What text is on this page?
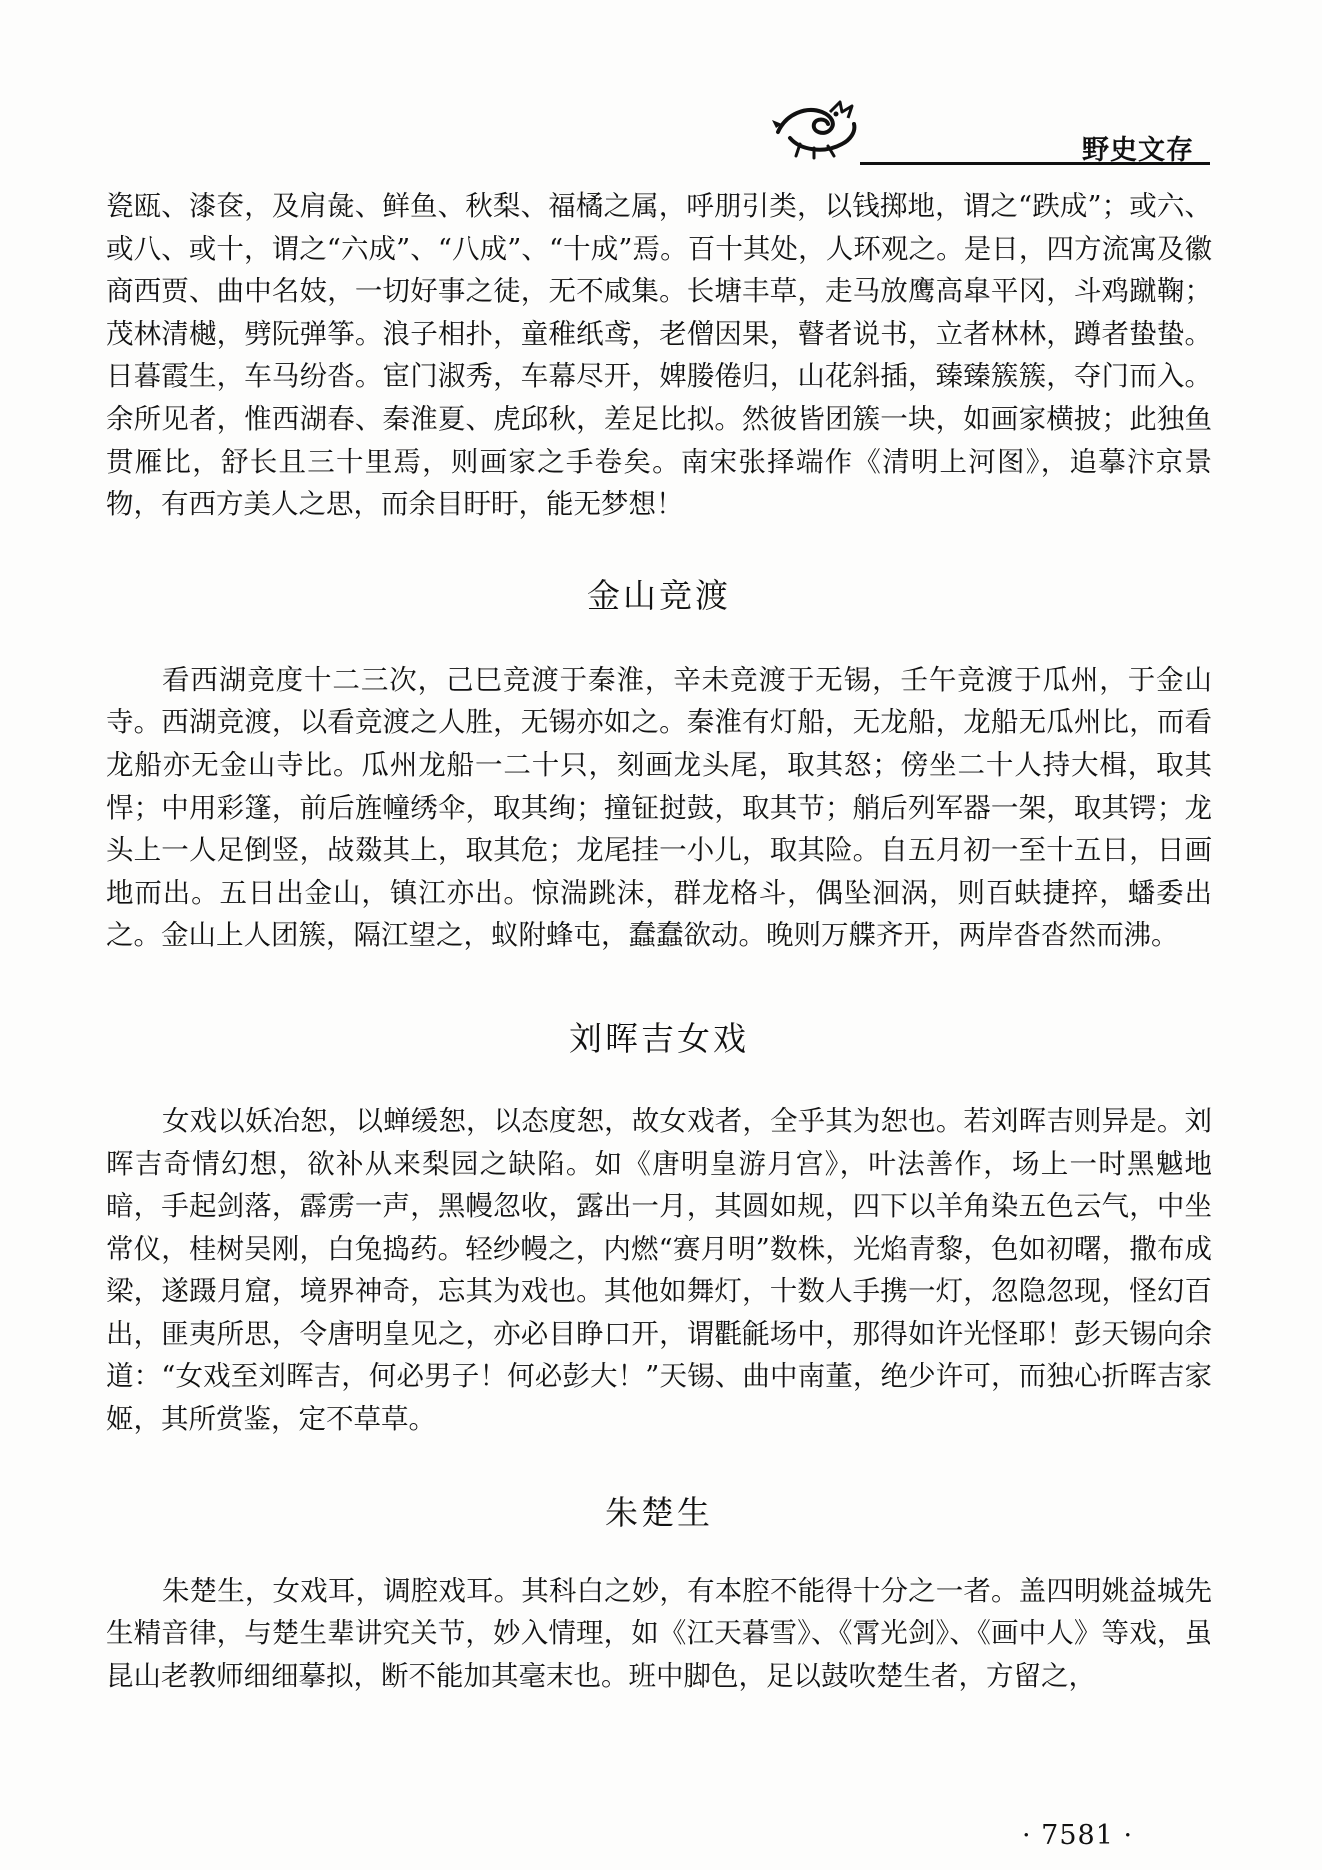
野史文存

瓷瓯、漆奁，及肩彘、鲜鱼、秋梨、福橘之属，呼朋引类，以钱掷地，谓之“跌成”；或六、或八、或十，谓之“六成”、“八成”、“十成”焉。百十其处，人环观之。是日，四方流寓及徽商西贾、曲中名妓，一切好事之徒，无不咸集。长塘丰草，走马放鹰高皐平冈，斗鸡蹴鞠；茂林清樾，劈阮弹筝。浪子相扑，童稚纸鸢，老僧因果，瞽者说书，立者林林，蹲者蛰蛰。日暮霞生，车马纷沓。宦门淑秀，车幕尽开，婢媵倦归，山花斜插，臻臻簇簇，夺门而入。余所见者，惟西湖春、秦淮夏、虎邱秋，差足比拟。然彼皆团簇一块，如画家横披；此独鱼贯雁比，舒长且三十里焉，则画家之手卷矣。南宋张择端作《清明上河图》，追摹汴京景物，有西方美人之思，而余目盱盱，能无梦想！

金山竞渡

看西湖竞度十二三次，己巳竞渡于秦淮，辛未竞渡于无锡，壬午竞渡于瓜州，于金山寺。西湖竞渡，以看竞渡之人胜，无锡亦如之。秦淮有灯船，无龙船，龙船无瓜州比，而看龙船亦无金山寺比。瓜州龙船一二十只，刻画龙头尾，取其怒；傍坐二十人持大楫，取其悍；中用彩篷，前后旌幢绣伞，取其绚；撞钲挝鼓，取其节；艄后列军器一架，取其锷；龙头上一人足倒竖，敁敠其上，取其危；龙尾挂一小儿，取其险。自五月初一至十五日，日画地而出。五日出金山，镇江亦出。惊湍跳沫，群龙格斗，偶坠洄涡，则百蚨捷捽，蟠委出之。金山上人团簇，隔江望之，蚁附蜂屯，蠢蠢欲动。晚则万艓齐开，两岸沓沓然而沸。

刘晖吉女戏

女戏以妖冶恕，以蝉缓恕，以态度恕，故女戏者，全乎其为恕也。若刘晖吉则异是。刘晖吉奇情幻想，欲补从来梨园之缺陷。如《唐明皇游月宫》，叶法善作，场上一时黑魆地暗，手起剑落，霹雳一声，黑幔忽收，露出一月，其圆如规，四下以羊角染五色云气，中坐常仪，桂树吴刚，白兔捣药。轻纱幔之，内燃“赛月明”数株，光焰青黎，色如初曙，撒布成梁，遂蹑月窟，境界神奇，忘其为戏也。其他如舞灯，十数人手携一灯，忽隐忽现，怪幻百出，匪夷所思，令唐明皇见之，亦必目睁口开，谓氍毹场中，那得如许光怪耶！彭天锡向余道：“女戏至刘晖吉，何必男子！何必彭大！”天锡、曲中南董，绝少许可，而独心折晖吉家姬，其所赏鉴，定不草草。

朱楚生

朱楚生，女戏耳，调腔戏耳。其科白之妙，有本腔不能得十分之一者。盖四明姚益城先生精音律，与楚生辈讲究关节，妙入情理，如《江天暮雪》、《霄光剑》、《画中人》等戏，虽昆山老教师细细摹拟，断不能加其毫末也。班中脚色，足以鼓吹楚生者，方留之，

· 7581 ·
